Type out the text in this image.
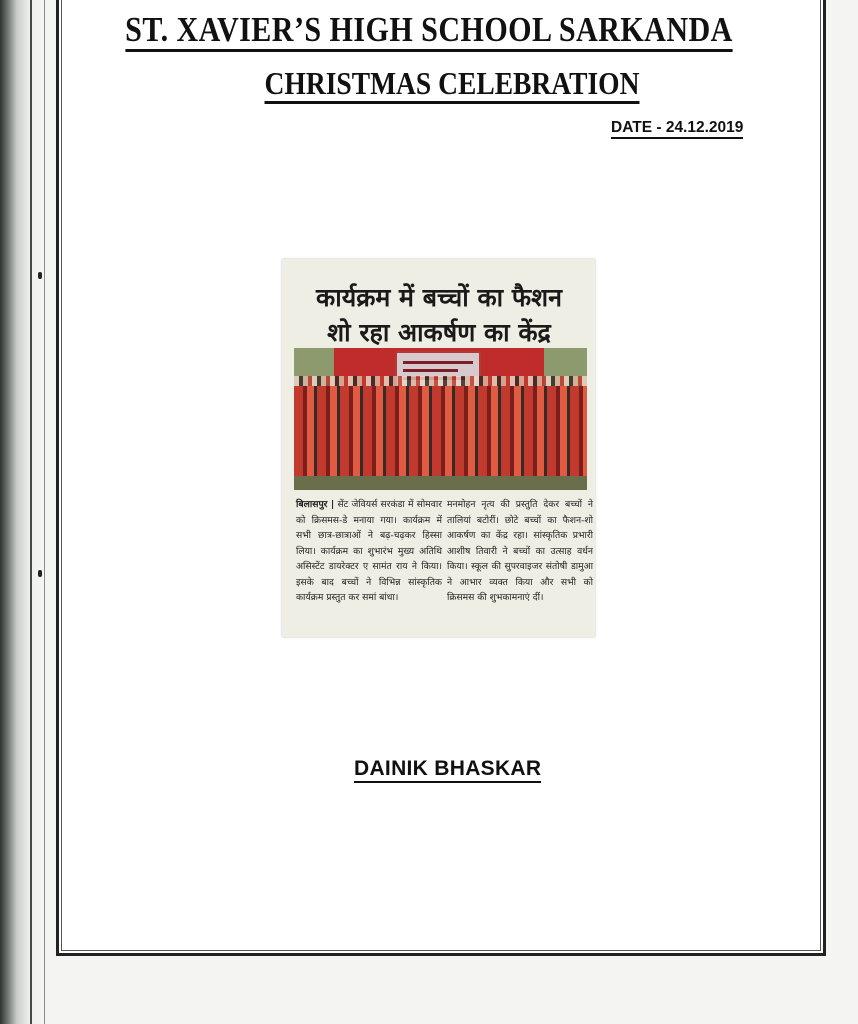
ST. XAVIER’S HIGH SCHOOL SARKANDA
CHRISTMAS CELEBRATION
DATE - 24.12.2019
कार्यक्रम में बच्चों का फैशन
शो रहा आकर्षण का केंद्र
बिलासपुर | सेंट जेवियर्स सरकंडा में सोमवार को क्रिसमस-डे मनाया गया। कार्यक्रम में सभी छात्र-छात्राओं ने बढ़-चढ़कर हिस्सा लिया। कार्यक्रम का शुभारंभ मुख्य अतिथि असिस्टेंट डायरेक्टर ए सामंत राय ने किया। इसके बाद बच्चों ने विभिन्न सांस्कृतिक कार्यक्रम प्रस्तुत कर समां बांधा।
मनमोहन नृत्य की प्रस्तुति देकर बच्चों ने तालियां बटोरीं। छोटे बच्चों का फैशन-शो आकर्षण का केंद्र रहा। सांस्कृतिक प्रभारी आशीष तिवारी ने बच्चों का उत्साह वर्धन किया। स्कूल की सुपरवाइजर संतोषी डामुआ ने आभार व्यक्त किया और सभी को क्रिसमस की शुभकामनाएं दीं।
DAINIK BHASKAR
